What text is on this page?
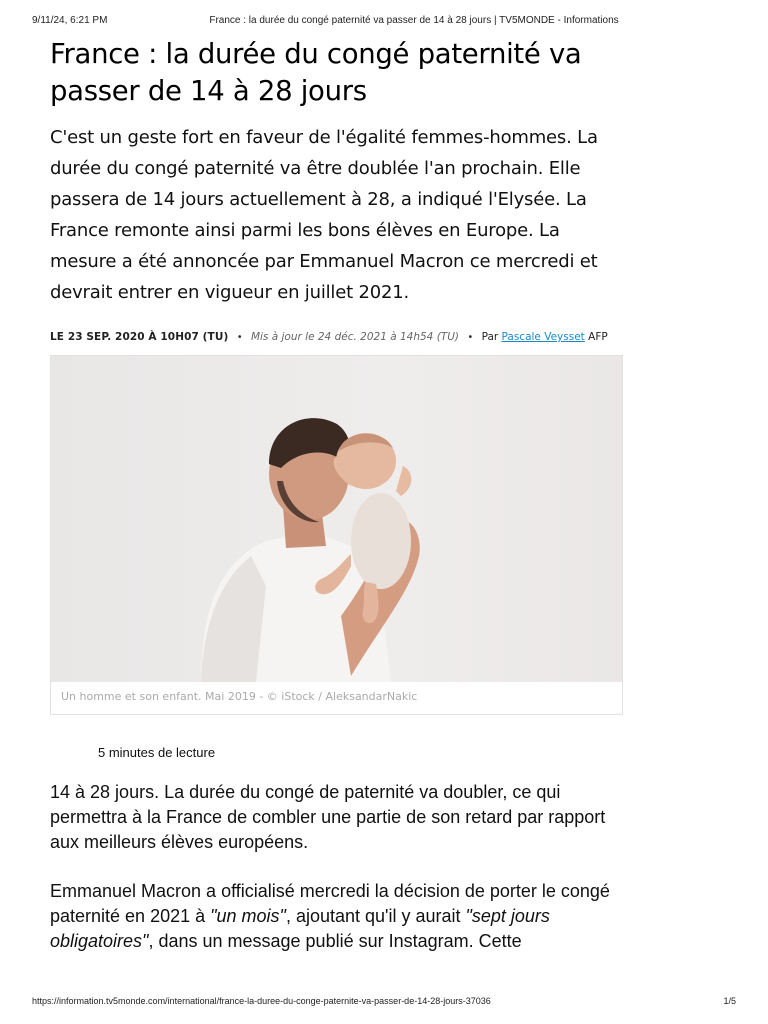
9/11/24, 6:21 PM	France : la durée du congé paternité va passer de 14 à 28 jours | TV5MONDE - Informations
France : la durée du congé paternité va passer de 14 à 28 jours

C'est un geste fort en faveur de l'égalité femmes-hommes. La durée du congé paternité va être doublée l'an prochain. Elle passera de 14 jours actuellement à 28, a indiqué l'Elysée. La France remonte ainsi parmi les bons élèves en Europe. La mesure a été annoncée par Emmanuel Macron ce mercredi et devrait entrer en vigueur en juillet 2021.

LE 23 SEP. 2020 À 10H07 (TU) • Mis à jour le 24 déc. 2021 à 14h54 (TU) • Par Pascale Veysset AFP
Un homme et son enfant. Mai 2019 - © iStock / AleksandarNakic
5 minutes de lecture

14 à 28 jours. La durée du congé de paternité va doubler, ce qui permettra à la France de combler une partie de son retard par rapport aux meilleurs élèves européens.

Emmanuel Macron a officialisé mercredi la décision de porter le congé paternité en 2021 à "un mois", ajoutant qu'il y aurait "sept jours obligatoires", dans un message publié sur Instagram. Cette

https://information.tv5monde.com/international/france-la-duree-du-conge-paternite-va-passer-de-14-28-jours-37036	1/5
